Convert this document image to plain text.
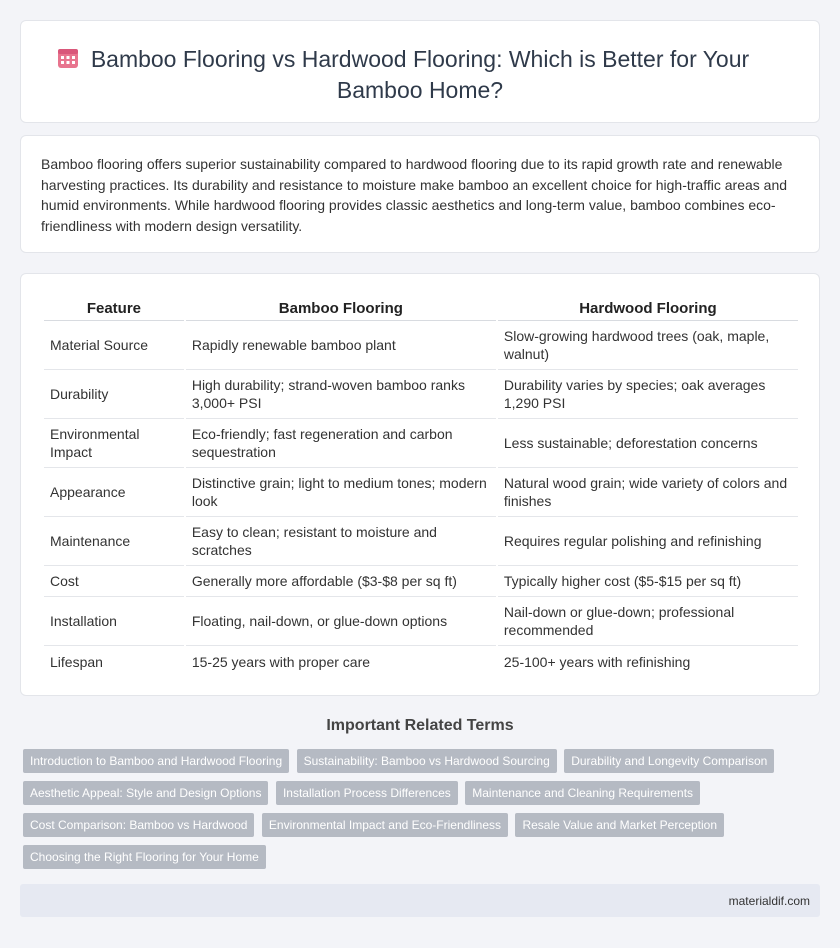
Bamboo Flooring vs Hardwood Flooring: Which is Better for Your Bamboo Home?

Bamboo flooring offers superior sustainability compared to hardwood flooring due to its rapid growth rate and renewable harvesting practices. Its durability and resistance to moisture make bamboo an excellent choice for high-traffic areas and humid environments. While hardwood flooring provides classic aesthetics and long-term value, bamboo combines eco-friendliness with modern design versatility.

Feature	Bamboo Flooring	Hardwood Flooring
Material Source	Rapidly renewable bamboo plant	Slow-growing hardwood trees (oak, maple, walnut)
Durability	High durability; strand-woven bamboo ranks 3,000+ PSI	Durability varies by species; oak averages 1,290 PSI
Environmental Impact	Eco-friendly; fast regeneration and carbon sequestration	Less sustainable; deforestation concerns
Appearance	Distinctive grain; light to medium tones; modern look	Natural wood grain; wide variety of colors and finishes
Maintenance	Easy to clean; resistant to moisture and scratches	Requires regular polishing and refinishing
Cost	Generally more affordable ($3-$8 per sq ft)	Typically higher cost ($5-$15 per sq ft)
Installation	Floating, nail-down, or glue-down options	Nail-down or glue-down; professional recommended
Lifespan	15-25 years with proper care	25-100+ years with refinishing
Important Related Terms
Introduction to Bamboo and Hardwood Flooring Sustainability: Bamboo vs Hardwood Sourcing Durability and Longevity Comparison Aesthetic Appeal: Style and Design Options Installation Process Differences Maintenance and Cleaning Requirements Cost Comparison: Bamboo vs Hardwood Environmental Impact and Eco-Friendliness Resale Value and Market Perception Choosing the Right Flooring for Your Home
materialdif.com
